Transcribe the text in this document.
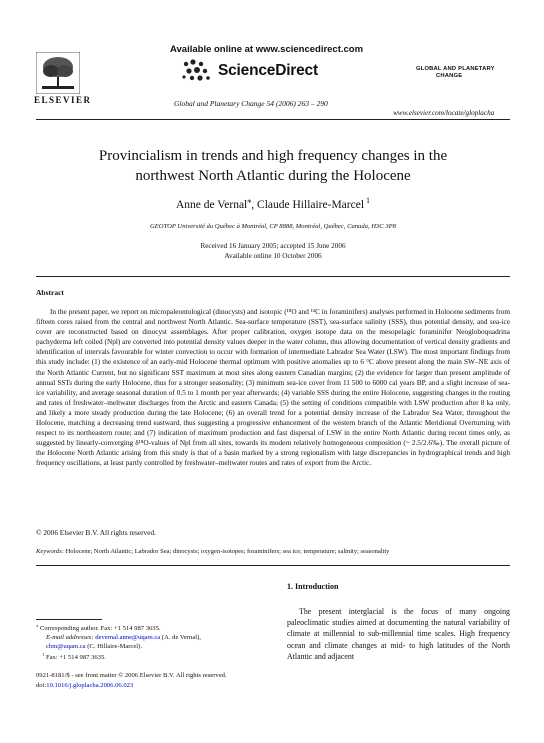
ELSEVIER
Available online at www.sciencedirect.com
ScienceDirect
Global and Planetary Change 54 (2006) 263 – 290
GLOBAL AND PLANETARY
CHANGE
www.elsevier.com/locate/gloplacha
Provincialism in trends and high frequency changes in the
northwest North Atlantic during the Holocene
Anne de Vernal⁎, Claude Hillaire-Marcel $^1$
GEOTOP Université du Québec à Montréal, CP 8888, Montréal, Québec, Canada, H3C 3P8
Received 16 January 2005; accepted 15 June 2006
Available online 10 October 2006
Abstract
In the present paper, we report on micropaleontological (dinocysts) and isotopic (¹⁸O and ¹³C in foraminifers) analyses performed in Holocene sediments from fifteen cores raised from the central and northwest North Atlantic. Sea-surface temperature (SST), sea-surface salinity (SSS), thus potential density, and sea-ice cover are reconstructed based on dinocyst assemblages. After proper calibration, oxygen isotope data on the mesopelagic foraminifer Neogloboquadrina pachyderma left coiled (Npl) are converted into potential density values deeper in the water column, thus allowing documentation of vertical density gradients and identification of intervals favourable for winter convection to occur with formation of intermediate Labrador Sea Water (LSW). The most important findings from this study include: (1) the existence of an early-mid Holocene thermal optimum with positive anomalies up to 6 °C above present along the main SW–NE axis of the North Atlantic Current, but no significant SST maximum at most sites along eastern Canadian margins; (2) the evidence for larger than present amplitude of annual SSTs during the early Holocene, thus for a stronger seasonality; (3) minimum sea-ice cover from 11 500 to 6000 cal years BP, and a slight increase of sea-ice variability, and average seasonal duration of 0.5 to 1 month per year afterwards; (4) variable SSS during the entire Holocene, suggesting changes in the routing and rates of freshwater–meltwater discharges from the Arctic and eastern Canada; (5) the setting of conditions compatible with LSW production after 8 ka only, and likely a more steady production during the late Holocene; (6) an overall trend for a potential density increase of the Labrador Sea Water, throughout the Holocene, matching a decreasing trend eastward, thus suggesting a progressive enhancement of the western branch of the Atlantic Meridional Overturning with respect to its northeastern route; and (7) indication of maximum production and fast dispersal of LSW in the entire North Atlantic during recent times only, as suggested by linearly-converging δ¹⁸O-values of Npl from all sites, towards its modern relatively homogeneous composition (~ 2.5/2.6‰). The overall picture of the Holocene North Atlantic arising from this study is that of a basin marked by a strong regionalism with large discrepancies in hydrographical trends and high frequency oscillations, at least partly controlled by freshwater–meltwater routes and rates of export from the Arctic.
© 2006 Elsevier B.V. All rights reserved.
Keywords: Holocene; North Atlantic; Labrador Sea; dinocysts; oxygen-isotopes; foraminifers; sea ice; temperature; salinity; seasonality
1. Introduction
The present interglacial is the focus of many ongoing paleoclimatic studies aimed at documenting the natural variability of climate at millennial to sub-millennial time scales. High frequency ocean and climate changes at mid- to high latitudes of the North Atlantic and adjacent
⁎ Corresponding author. Fax: +1 514 987 3635.
E-mail addresses: devernal.anne@uqam.ca (A. de Vernal),
chm@uqam.ca (C. Hillaire-Marcel).
$^1$ Fax: +1 514 987 3635.
0921-8181/$ - see front matter © 2006 Elsevier B.V. All rights reserved.
doi:10.1016/j.gloplacha.2006.06.023
